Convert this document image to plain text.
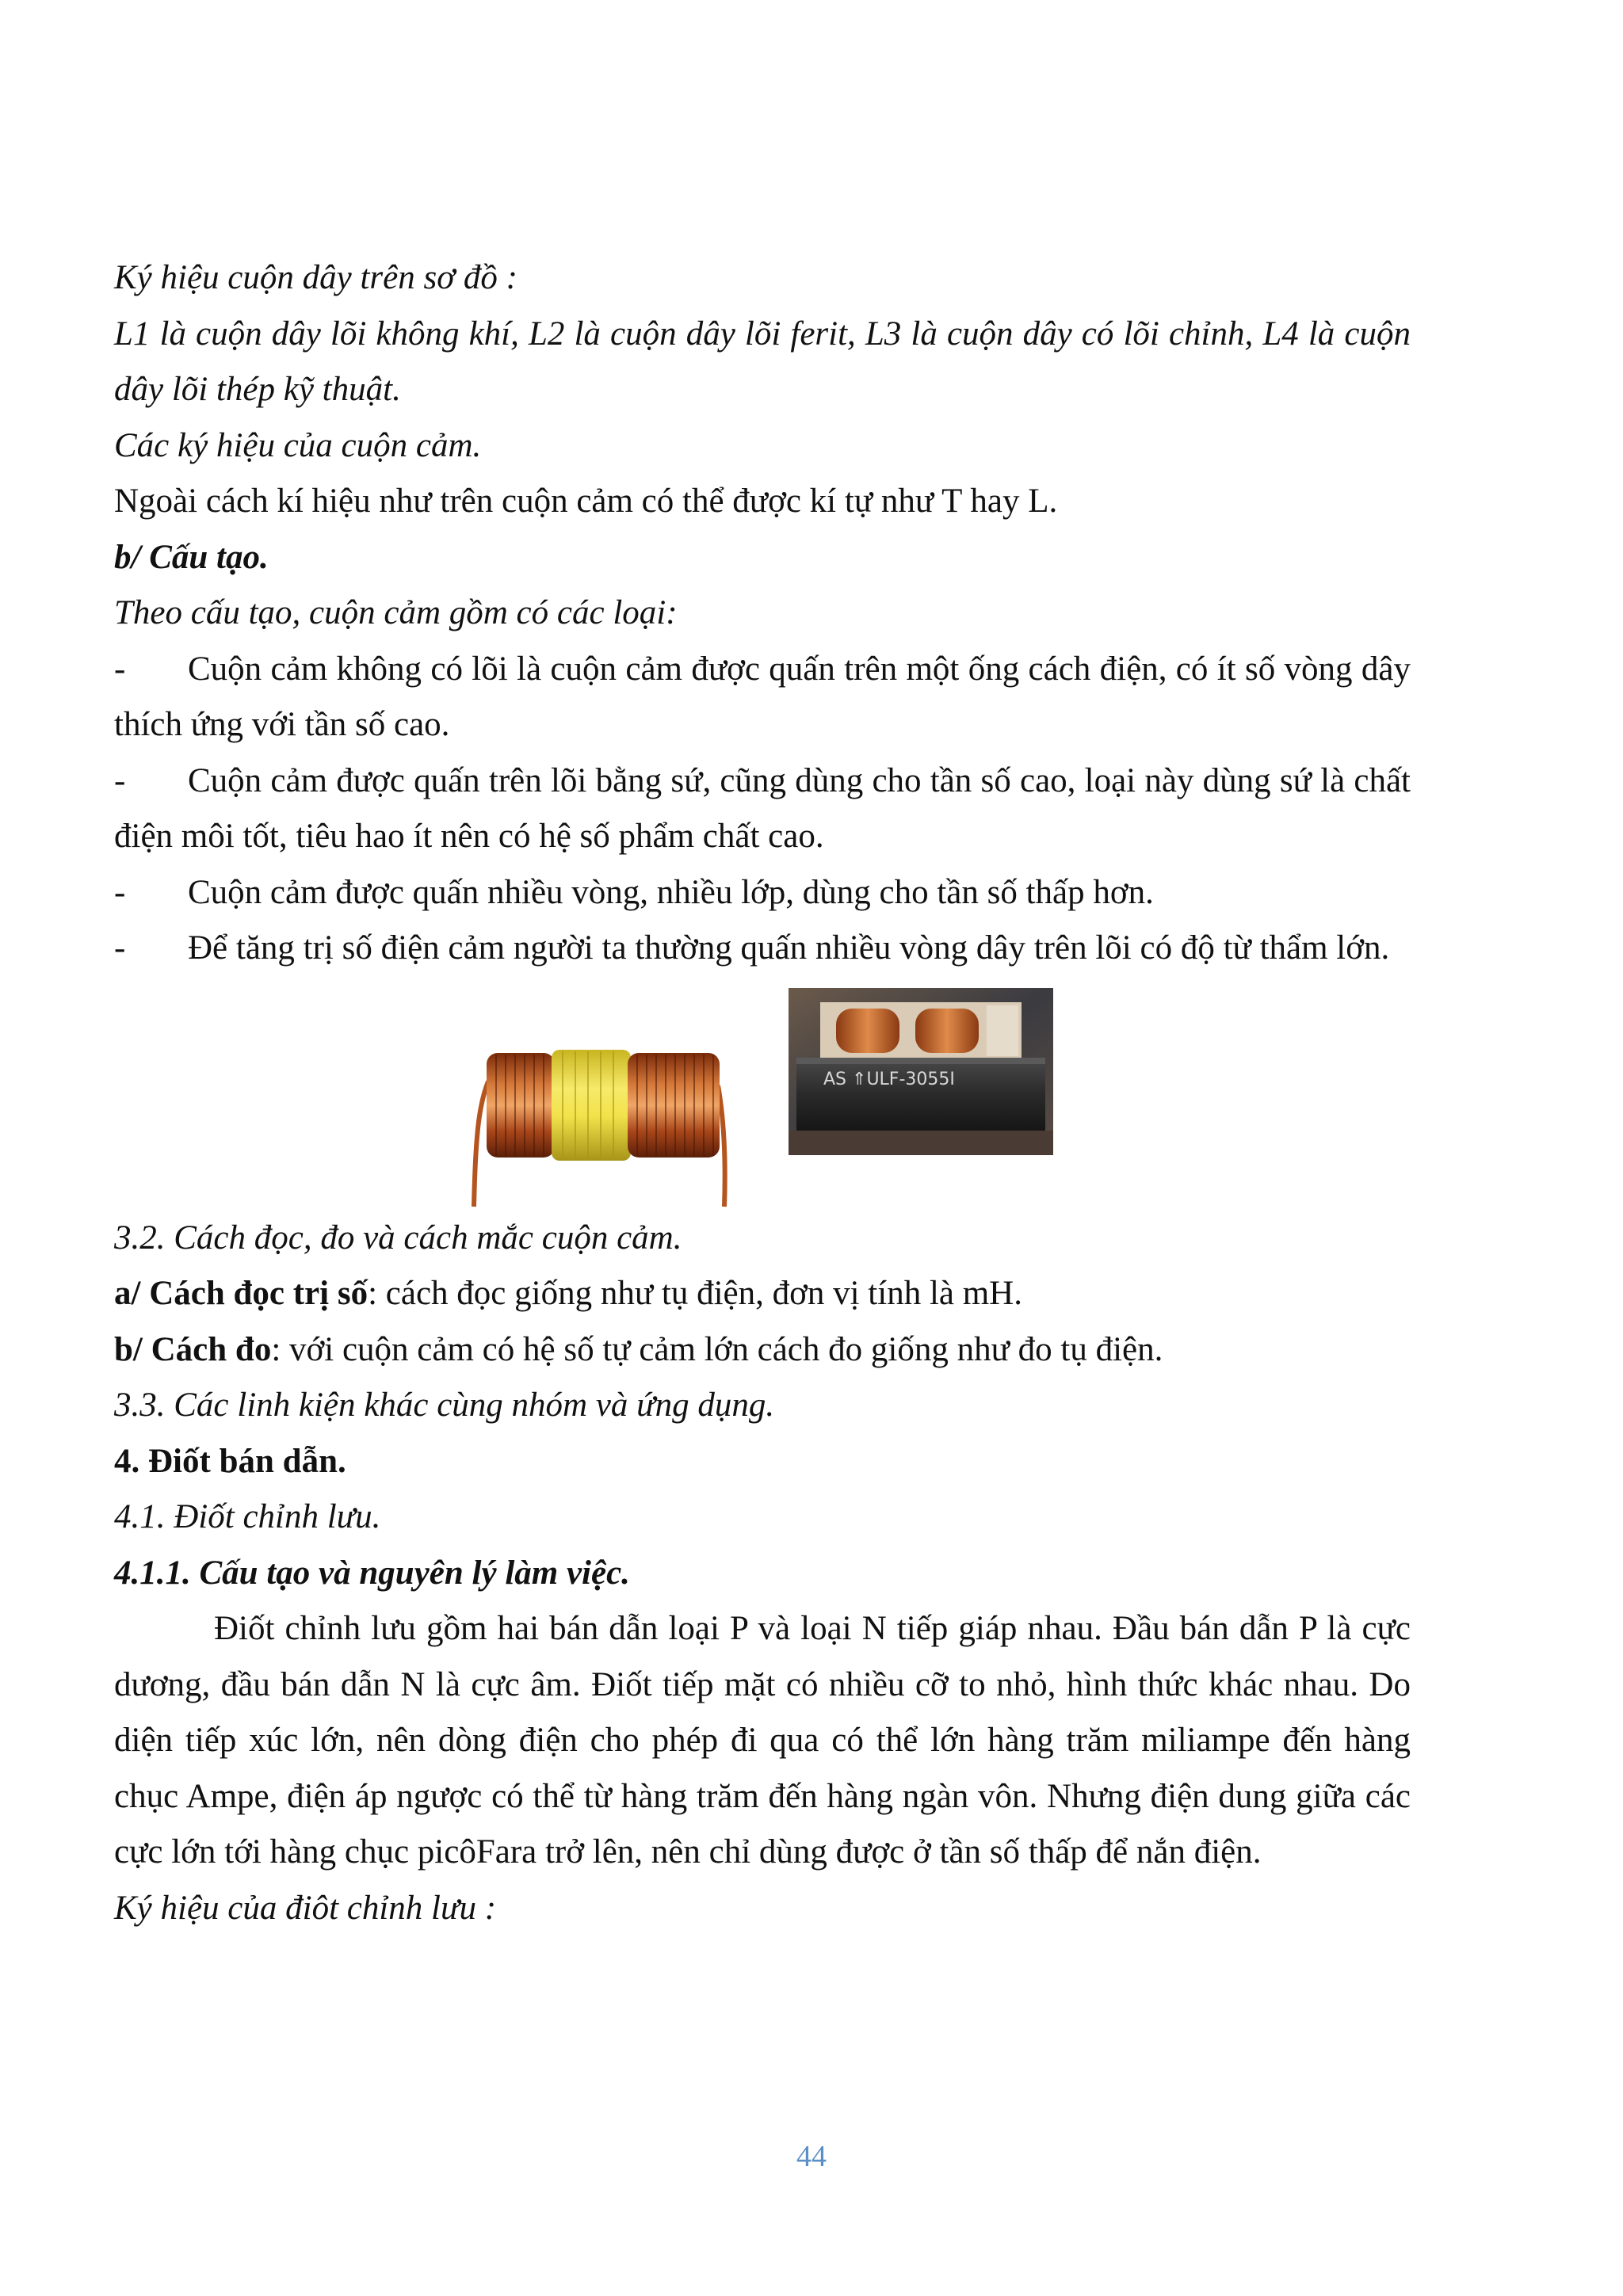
Ký hiệu cuộn dây trên sơ đồ :

L1 là cuộn dây lõi không khí, L2 là cuộn dây lõi ferit, L3 là cuộn dây có lõi chỉnh, L4 là cuộn dây lõi thép kỹ thuật.

Các ký hiệu của cuộn cảm.

Ngoài cách kí hiệu như trên cuộn cảm có thể được kí tự như T hay L.

b/ Cấu tạo.

Theo cấu tạo, cuộn cảm gồm có các loại:

- Cuộn cảm không có lõi là cuộn cảm được quấn trên một ống cách điện, có ít số vòng dây thích ứng với tần số cao.

- Cuộn cảm được quấn trên lõi bằng sứ, cũng dùng cho tần số cao, loại này dùng sứ là chất điện môi tốt, tiêu hao ít nên có hệ số phẩm chất cao.

- Cuộn cảm được quấn nhiều vòng, nhiều lớp, dùng cho tần số thấp hơn.

- Để tăng trị số điện cảm người ta thường quấn nhiều vòng dây trên lõi có độ từ thẩm lớn.

AS ⇑ULF-3055I

3.2. Cách đọc, đo và cách mắc cuộn cảm.

a/ Cách đọc trị số: cách đọc giống như tụ điện, đơn vị tính là mH.

b/ Cách đo: với cuộn cảm có hệ số tự cảm lớn cách đo giống như đo tụ điện.

3.3. Các linh kiện khác cùng nhóm và ứng dụng.

4. Điốt bán dẫn.

4.1. Điốt chỉnh lưu.

4.1.1. Cấu tạo và nguyên lý làm việc.

Điốt chỉnh lưu gồm hai bán dẫn loại P và loại N tiếp giáp nhau. Đầu bán dẫn P là cực dương, đầu bán dẫn N là cực âm. Điốt tiếp mặt có nhiều cỡ to nhỏ, hình thức khác nhau. Do diện tiếp xúc lớn, nên dòng điện cho phép đi qua có thể lớn hàng trăm miliampe đến hàng chục Ampe, điện áp ngược có thể từ hàng trăm đến hàng ngàn vôn. Nhưng điện dung giữa các cực lớn tới hàng chục picôFara trở lên, nên chỉ dùng được ở tần số thấp để nắn điện.

Ký hiệu của điôt chỉnh lưu :

44
